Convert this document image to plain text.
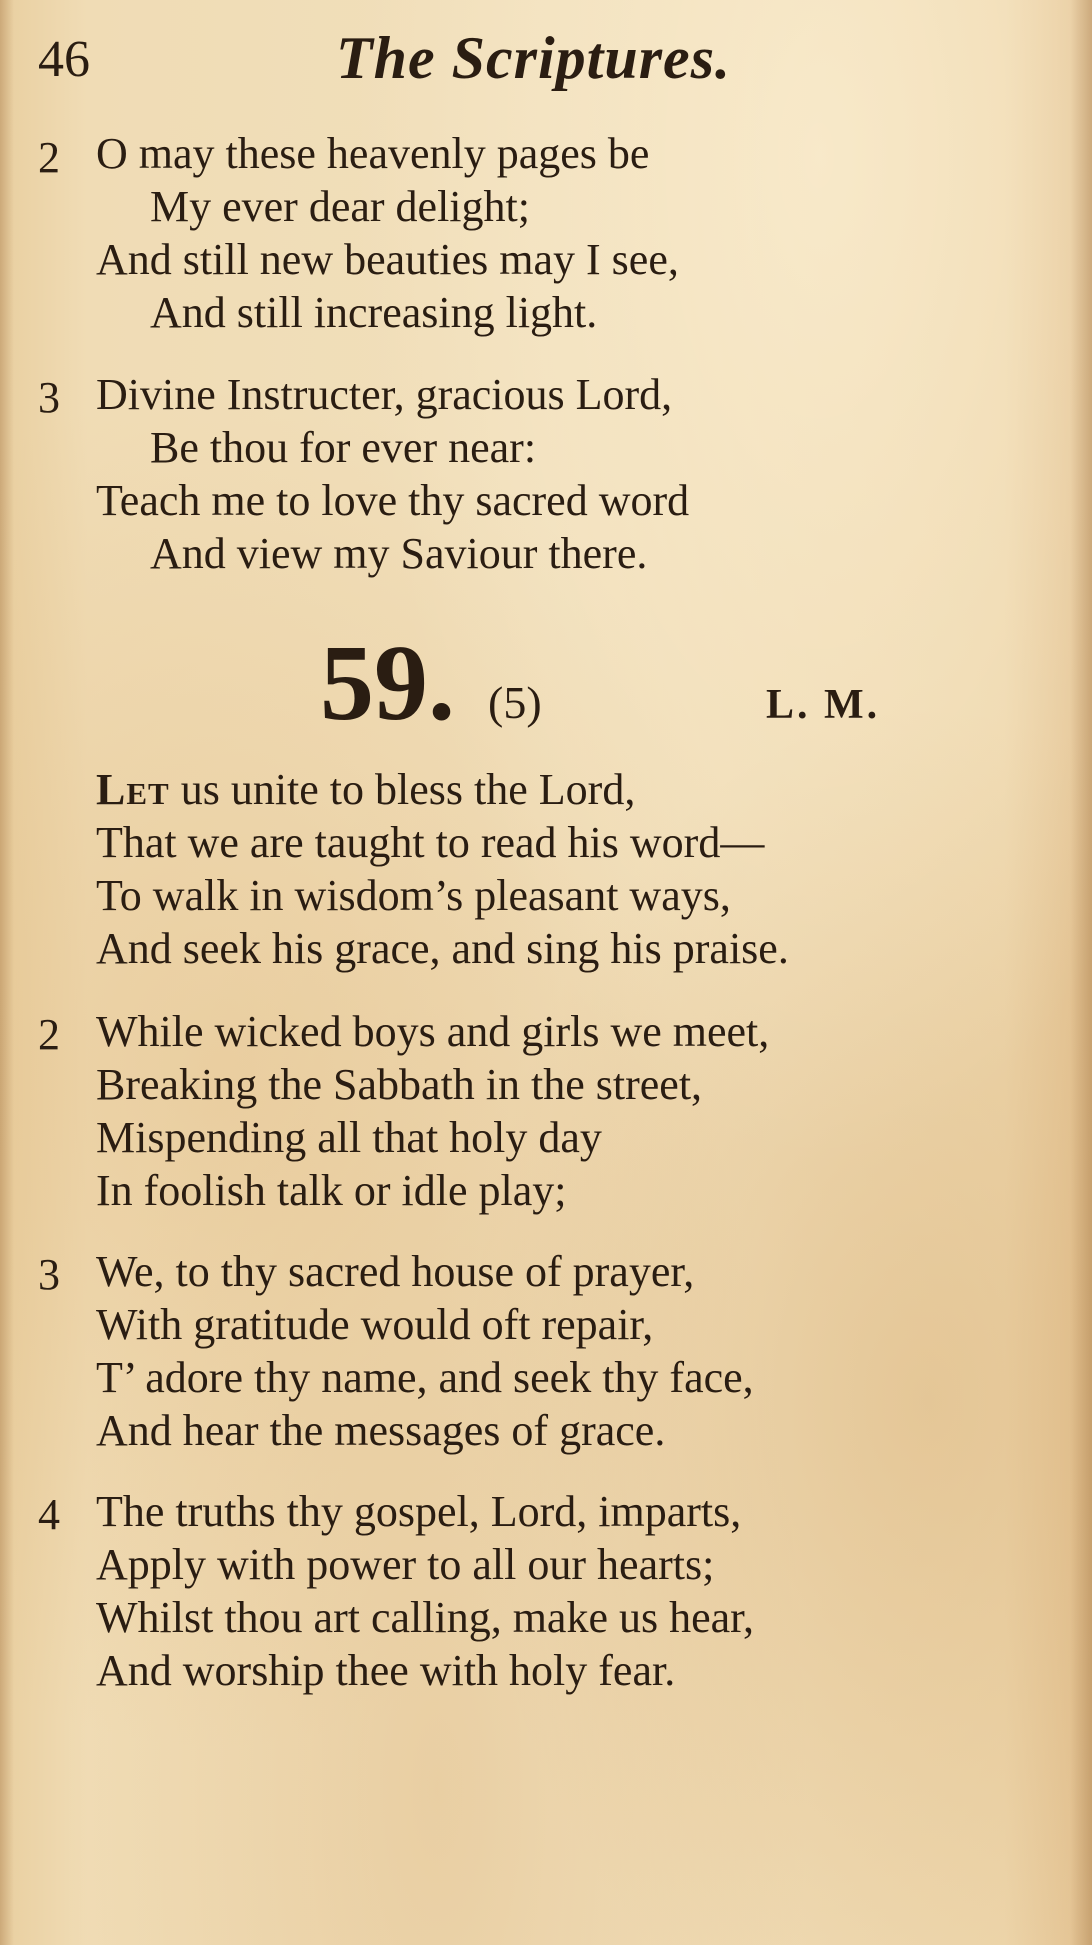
46	The Scriptures.
2 O may these heavenly pages be
My ever dear delight;
And still new beauties may I see,
And still increasing light.
3 Divine Instructer, gracious Lord,
Be thou for ever near:
Teach me to love thy sacred word
And view my Saviour there.
59. (5)	L. M.
Let us unite to bless the Lord,
That we are taught to read his word—
To walk in wisdom’s pleasant ways,
And seek his grace, and sing his praise.
2 While wicked boys and girls we meet,
Breaking the Sabbath in the street,
Mispending all that holy day
In foolish talk or idle play;
3 We, to thy sacred house of prayer,
With gratitude would oft repair,
T’ adore thy name, and seek thy face,
And hear the messages of grace.
4 The truths thy gospel, Lord, imparts,
Apply with power to all our hearts;
Whilst thou art calling, make us hear,
And worship thee with holy fear.
